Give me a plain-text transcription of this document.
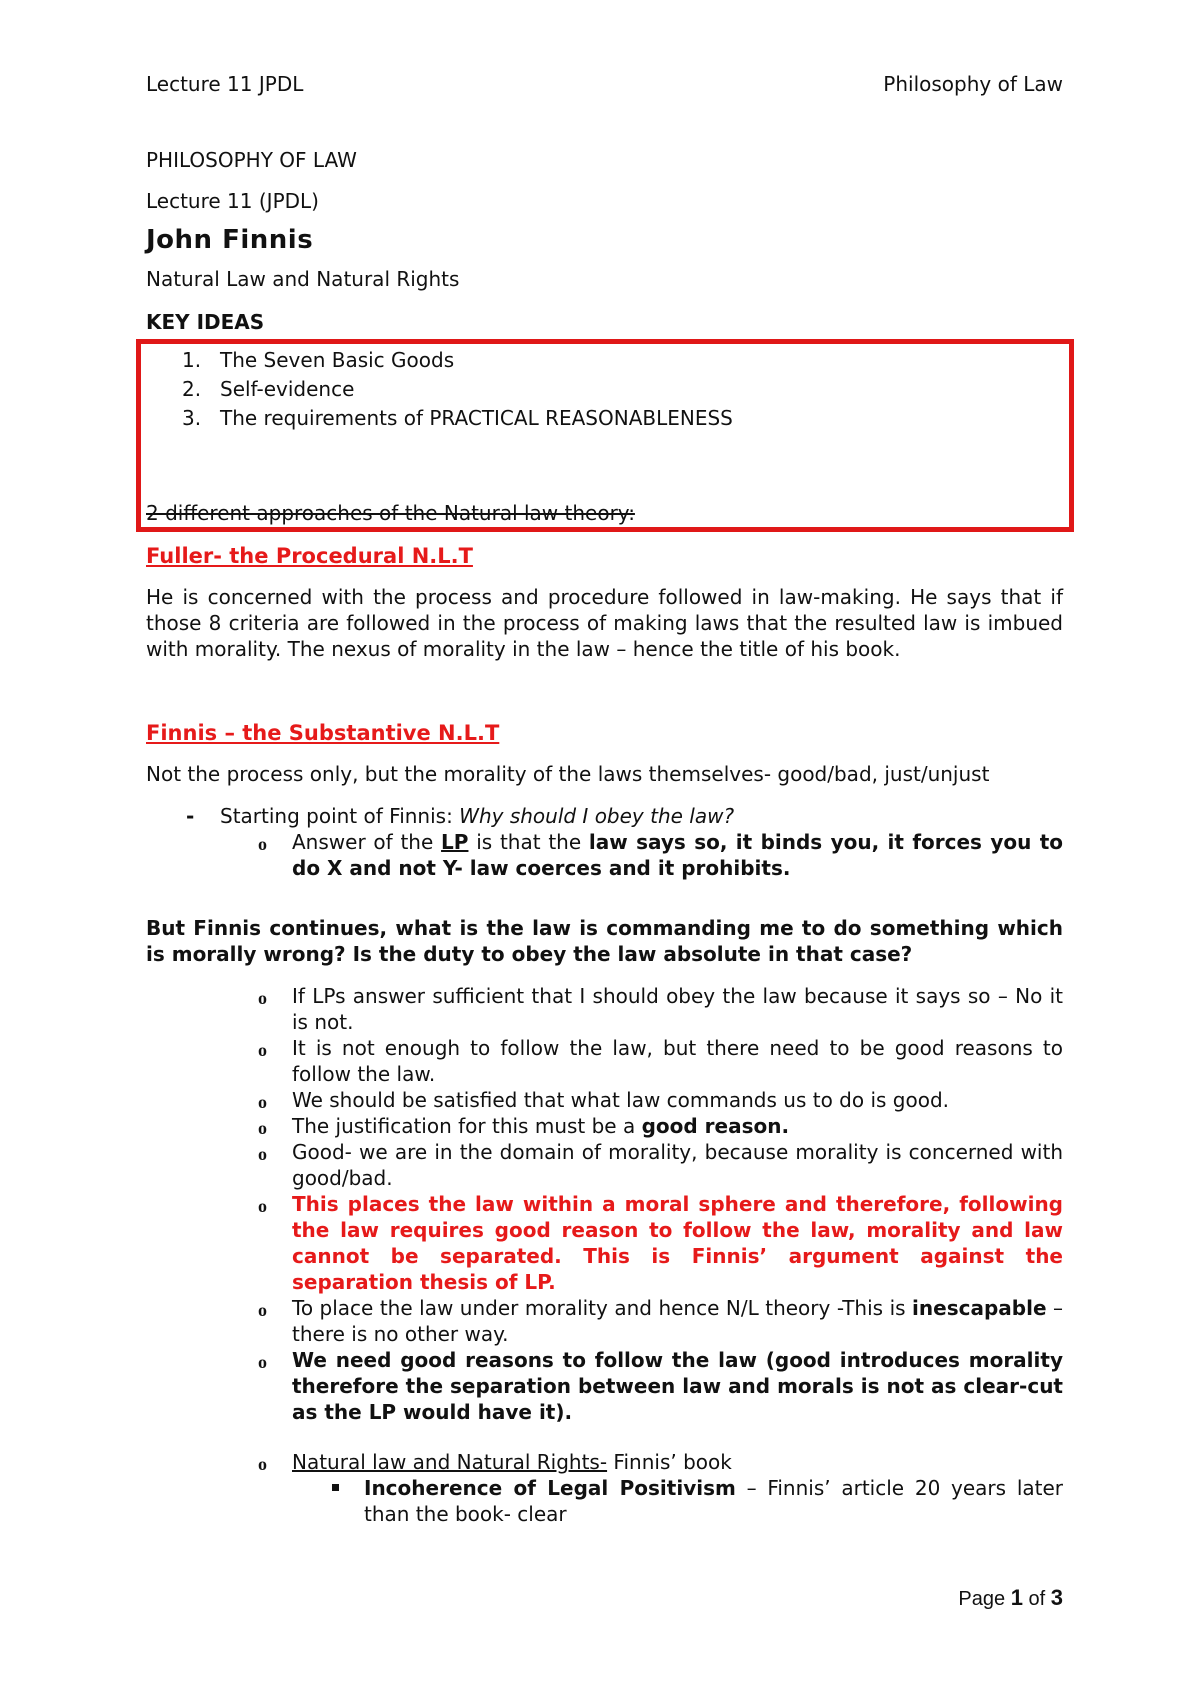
Lecture 11 JPDL	Philosophy of Law

PHILOSOPHY OF LAW

Lecture 11 (JPDL)

John Finnis

Natural Law and Natural Rights

KEY IDEAS

1. The Seven Basic Goods
2. Self-evidence
3. The requirements of PRACTICAL REASONABLENESS

2 different approaches of the Natural law theory:

Fuller- the Procedural N.L.T

He is concerned with the process and procedure followed in law-making. He says that if those 8 criteria are followed in the process of making laws that the resulted law is imbued with morality. The nexus of morality in the law – hence the title of his book.

Finnis – the Substantive N.L.T

Not the process only, but the morality of the laws themselves- good/bad, just/unjust

- Starting point of Finnis: Why should I obey the law?

o Answer of the LP is that the law says so, it binds you, it forces you to do X and not Y- law coerces and it prohibits.

But Finnis continues, what is the law is commanding me to do something which is morally wrong? Is the duty to obey the law absolute in that case?

o If LPs answer sufficient that I should obey the law because it says so – No it is not.

o It is not enough to follow the law, but there need to be good reasons to follow the law.

o We should be satisfied that what law commands us to do is good.

o The justification for this must be a good reason.

o Good- we are in the domain of morality, because morality is concerned with good/bad.

o This places the law within a moral sphere and therefore, following the law requires good reason to follow the law, morality and law cannot be separated. This is Finnis’ argument against the separation thesis of LP.

o To place the law under morality and hence N/L theory -This is inescapable – there is no other way.

o We need good reasons to follow the law (good introduces morality therefore the separation between law and morals is not as clear-cut as the LP would have it).

o Natural law and Natural Rights- Finnis’ book

Incoherence of Legal Positivism – Finnis’ article 20 years later than the book- clear

Page 1 of 3
